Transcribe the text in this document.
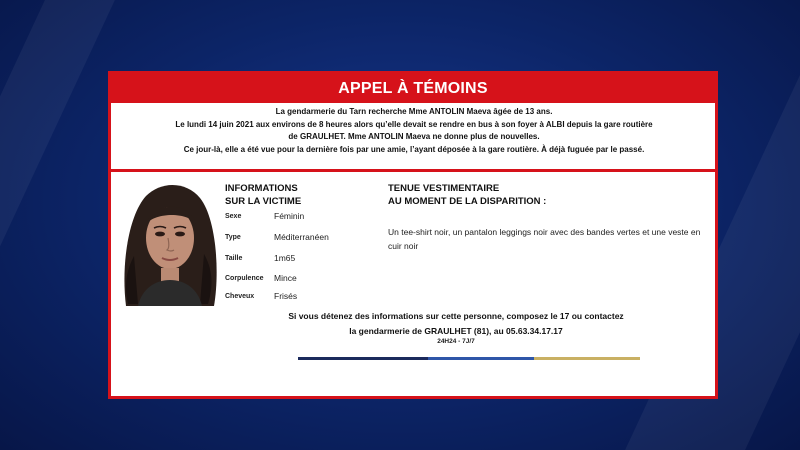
APPEL À TÉMOINS
La gendarmerie du Tarn recherche Mme ANTOLIN Maeva âgée de 13 ans.
Le lundi 14 juin 2021 aux environs de 8 heures alors qu’elle devait se rendre en bus à son foyer à ALBI depuis la gare routière
de GRAULHET. Mme ANTOLIN Maeva ne donne plus de nouvelles.
Ce jour-là, elle a été vue pour la dernière fois par une amie, l’ayant déposée à la gare routière. À déjà fuguée par le passé.
INFORMATIONS
SUR LA VICTIME
Sexe	Féminin
Type	Méditerranéen
Taille	1m65
Corpulence Mince
Cheveux Frisés
TENUE VESTIMENTAIRE
AU MOMENT DE LA DISPARITION :
Un tee-shirt noir, un pantalon leggings noir avec des bandes vertes et une veste en cuir noir
Si vous détenez des informations sur cette personne, composez le 17 ou contactez
la gendarmerie de GRAULHET (81), au 05.63.34.17.17
24H24 - 7J/7
